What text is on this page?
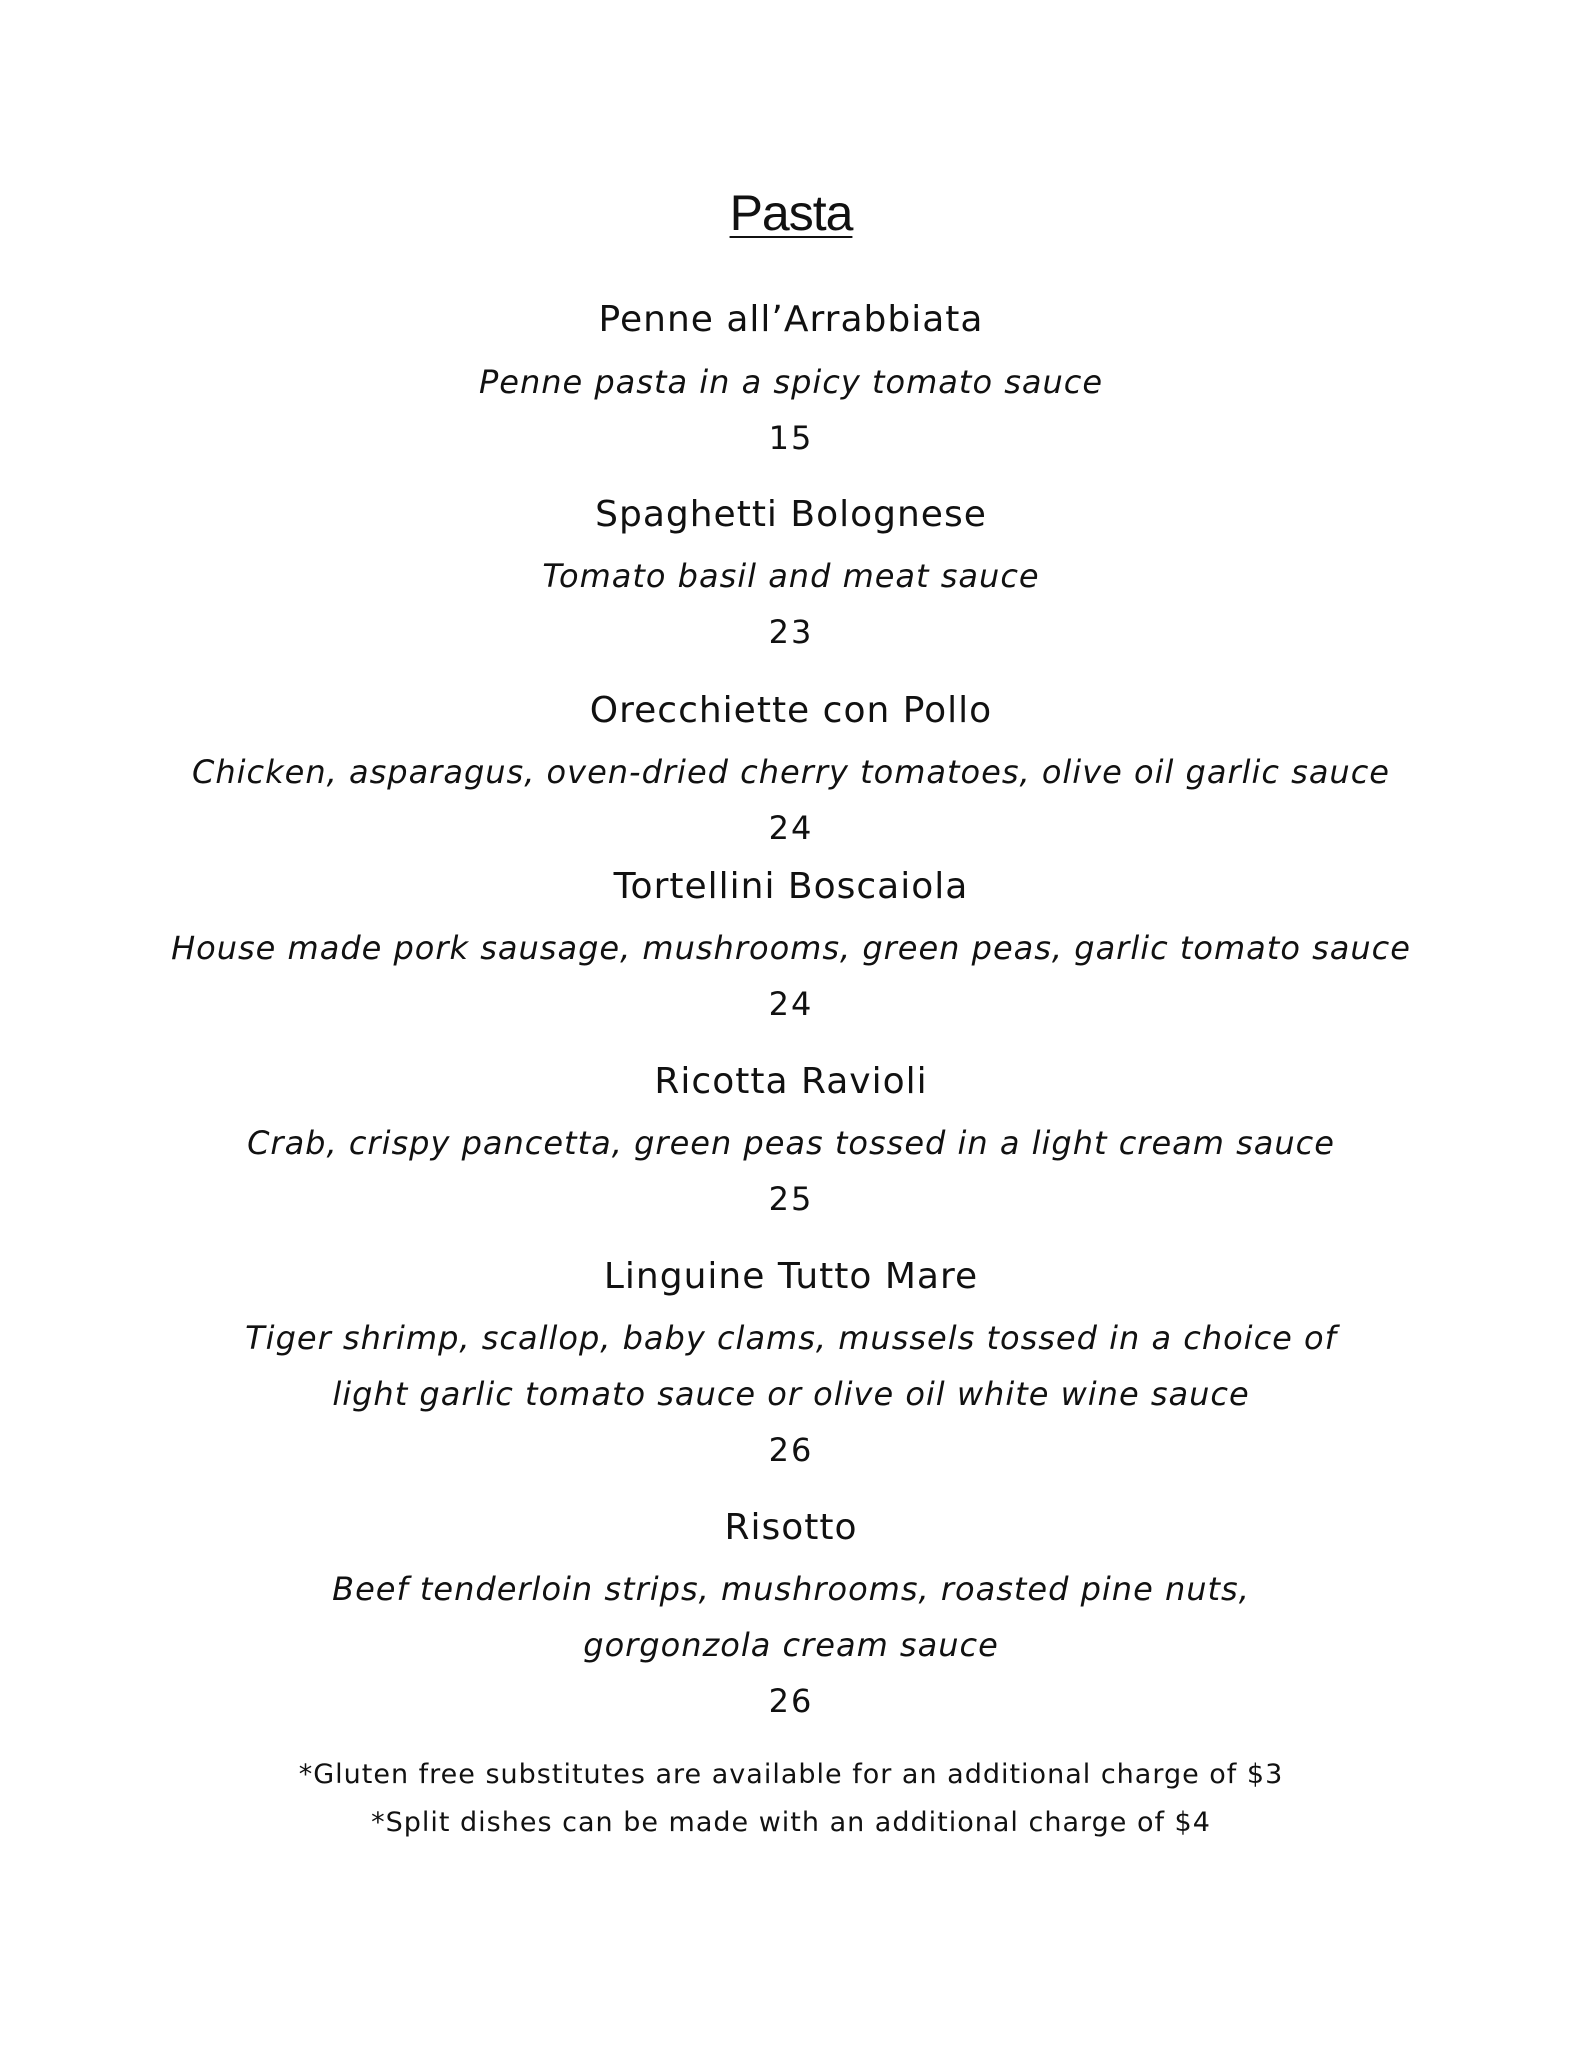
Pasta
Penne all’Arrabbiata
Penne pasta in a spicy tomato sauce
15
Spaghetti Bolognese
Tomato basil and meat sauce
23
Orecchiette con Pollo
Chicken, asparagus, oven-dried cherry tomatoes, olive oil garlic sauce
24
Tortellini Boscaiola
House made pork sausage, mushrooms, green peas, garlic tomato sauce
24
Ricotta Ravioli
Crab, crispy pancetta, green peas tossed in a light cream sauce
25
Linguine Tutto Mare
Tiger shrimp, scallop, baby clams, mussels tossed in a choice of
light garlic tomato sauce or olive oil white wine sauce
26
Risotto
Beef tenderloin strips, mushrooms, roasted pine nuts,
gorgonzola cream sauce
26
*Gluten free substitutes are available for an additional charge of $3
*Split dishes can be made with an additional charge of $4
